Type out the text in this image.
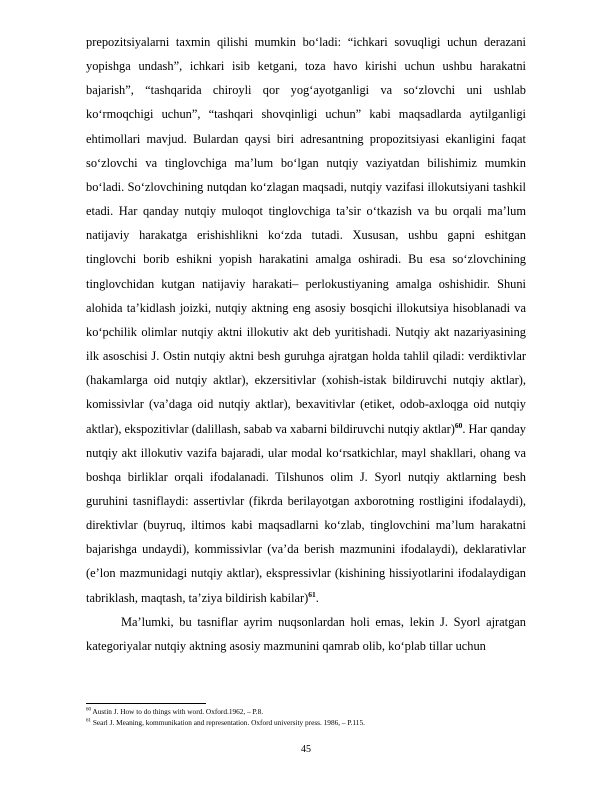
prepozitsiyalarni taxmin qilishi mumkin bo‘ladi: “ichkari sovuqligi uchun derazani yopishga undash”, ichkari isib ketgani, toza havo kirishi uchun ushbu harakatni bajarish”, “tashqarida chiroyli qor yog‘ayotganligi va so‘zlovchi uni ushlab ko‘rmoqchigi uchun”, “tashqari shovqinligi uchun” kabi maqsadlarda aytilganligi ehtimollari mavjud. Bulardan qaysi biri adresantning propozitsiyasi ekanligini faqat so‘zlovchi va tinglovchiga ma’lum bo‘lgan nutqiy vaziyatdan bilishimiz mumkin bo‘ladi. So‘zlovchining nutqdan ko‘zlagan maqsadi, nutqiy vazifasi illokutsiyani tashkil etadi. Har qanday nutqiy muloqot tinglovchiga ta’sir o‘tkazish va bu orqali ma’lum natijaviy harakatga erishishlikni ko‘zda tutadi. Xususan, ushbu gapni eshitgan tinglovchi borib eshikni yopish harakatini amalga oshiradi. Bu esa so‘zlovchining tinglovchidan kutgan natijaviy harakati– perlokustiyaning amalga oshishidir. Shuni alohida ta’kidlash joizki, nutqiy aktning eng asosiy bosqichi illokutsiya hisoblanadi va ko‘pchilik olimlar nutqiy aktni illokutiv akt deb yuritishadi. Nutqiy akt nazariyasining ilk asoschisi J. Ostin nutqiy aktni besh guruhga ajratgan holda tahlil qiladi: verdiktivlar (hakamlarga oid nutqiy aktlar), ekzersitivlar (xohish-istak bildiruvchi nutqiy aktlar), komissivlar (va’daga oid nutqiy aktlar), bexavitivlar (etiket, odob-axloqga oid nutqiy aktlar), ekspozitivlar (dalillash, sabab va xabarni bildiruvchi nutqiy aktlar)$^{60}$. Har qanday nutqiy akt illokutiv vazifa bajaradi, ular modal ko‘rsatkichlar, mayl shakllari, ohang va boshqa birliklar orqali ifodalanadi. Tilshunos olim J. Syorl nutqiy aktlarning besh guruhini tasniflaydi: assertivlar (fikrda berilayotgan axborotning rostligini ifodalaydi), direktivlar (buyruq, iltimos kabi maqsadlarni ko‘zlab, tinglovchini ma’lum harakatni bajarishga undaydi), kommissivlar (va’da berish mazmunini ifodalaydi), deklarativlar (e’lon mazmunidagi nutqiy aktlar), ekspressivlar (kishining hissiyotlarini ifodalaydigan tabriklash, maqtash, ta’ziya bildirish kabilar)$^{61}$.

Ma’lumki, bu tasniflar ayrim nuqsonlardan holi emas, lekin J. Syorl ajratgan kategoriyalar nutqiy aktning asosiy mazmunini qamrab olib, ko‘plab tillar uchun

$^{60}$ Austin J. How to do things with word. Oxford.1962, – P.8.

$^{61}$ Searl J. Meaning, kommunikation and representation. Oxford university press. 1986, – P.115.

45
